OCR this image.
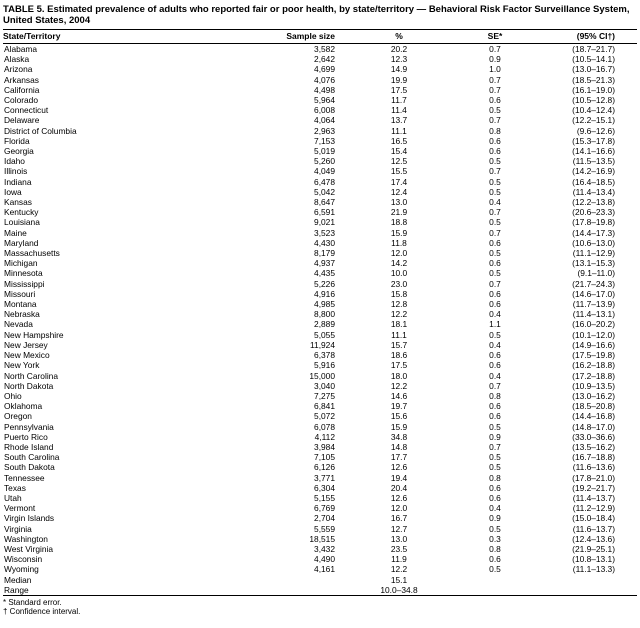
TABLE 5. Estimated prevalence of adults who reported fair or poor health, by state/territory — Behavioral Risk Factor Surveillance System, United States, 2004
State/Territory	Sample size	%	SE*	(95% CI†)
Alabama	3,582	20.2	0.7	(18.7–21.7)
Alaska	2,642	12.3	0.9	(10.5–14.1)
Arizona	4,699	14.9	1.0	(13.0–16.7)
Arkansas	4,076	19.9	0.7	(18.5–21.3)
California	4,498	17.5	0.7	(16.1–19.0)
Colorado	5,964	11.7	0.6	(10.5–12.8)
Connecticut	6,008	11.4	0.5	(10.4–12.4)
Delaware	4,064	13.7	0.7	(12.2–15.1)
District of Columbia	2,963	11.1	0.8	(9.6–12.6)
Florida	7,153	16.5	0.6	(15.3–17.8)
Georgia	5,019	15.4	0.6	(14.1–16.6)
Idaho	5,260	12.5	0.5	(11.5–13.5)
Illinois	4,049	15.5	0.7	(14.2–16.9)
Indiana	6,478	17.4	0.5	(16.4–18.5)
Iowa	5,042	12.4	0.5	(11.4–13.4)
Kansas	8,647	13.0	0.4	(12.2–13.8)
Kentucky	6,591	21.9	0.7	(20.6–23.3)
Louisiana	9,021	18.8	0.5	(17.8–19.8)
Maine	3,523	15.9	0.7	(14.4–17.3)
Maryland	4,430	11.8	0.6	(10.6–13.0)
Massachusetts	8,179	12.0	0.5	(11.1–12.9)
Michigan	4,937	14.2	0.6	(13.1–15.3)
Minnesota	4,435	10.0	0.5	(9.1–11.0)
Mississippi	5,226	23.0	0.7	(21.7–24.3)
Missouri	4,916	15.8	0.6	(14.6–17.0)
Montana	4,985	12.8	0.6	(11.7–13.9)
Nebraska	8,800	12.2	0.4	(11.4–13.1)
Nevada	2,889	18.1	1.1	(16.0–20.2)
New Hampshire	5,055	11.1	0.5	(10.1–12.0)
New Jersey	11,924	15.7	0.4	(14.9–16.6)
New Mexico	6,378	18.6	0.6	(17.5–19.8)
New York	5,916	17.5	0.6	(16.2–18.8)
North Carolina	15,000	18.0	0.4	(17.2–18.8)
North Dakota	3,040	12.2	0.7	(10.9–13.5)
Ohio	7,275	14.6	0.8	(13.0–16.2)
Oklahoma	6,841	19.7	0.6	(18.5–20.8)
Oregon	5,072	15.6	0.6	(14.4–16.8)
Pennsylvania	6,078	15.9	0.5	(14.8–17.0)
Puerto Rico	4,112	34.8	0.9	(33.0–36.6)
Rhode Island	3,984	14.8	0.7	(13.5–16.2)
South Carolina	7,105	17.7	0.5	(16.7–18.8)
South Dakota	6,126	12.6	0.5	(11.6–13.6)
Tennessee	3,771	19.4	0.8	(17.8–21.0)
Texas	6,304	20.4	0.6	(19.2–21.7)
Utah	5,155	12.6	0.6	(11.4–13.7)
Vermont	6,769	12.0	0.4	(11.2–12.9)
Virgin Islands	2,704	16.7	0.9	(15.0–18.4)
Virginia	5,559	12.7	0.5	(11.6–13.7)
Washington	18,515	13.0	0.3	(12.4–13.6)
West Virginia	3,432	23.5	0.8	(21.9–25.1)
Wisconsin	4,490	11.9	0.6	(10.8–13.1)
Wyoming	4,161	12.2	0.5	(11.1–13.3)
Median		15.1		
Range		10.0–34.8		
* Standard error.
† Confidence interval.
